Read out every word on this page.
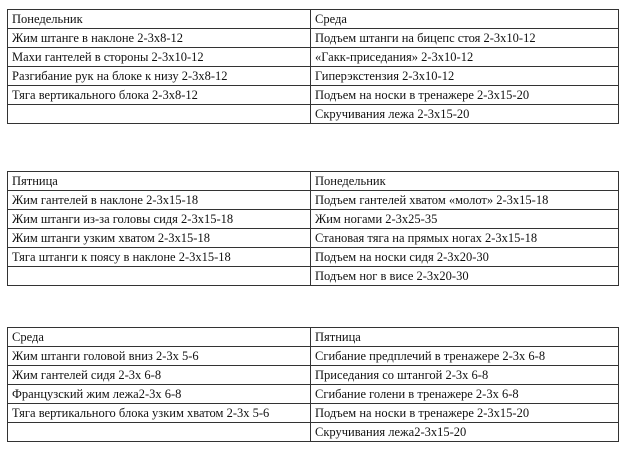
Понедельник	Среда
Жим штанге в наклоне 2-3х8-12	Подъем штанги на бицепс стоя 2-3х10-12
Махи гантелей в стороны 2-3х10-12	«Гакк-приседания» 2-3х10-12
Разгибание рук на блоке к низу 2-3х8-12	Гиперэкстензия 2-3х10-12
Тяга вертикального блока 2-3х8-12	Подъем на носки в тренажере 2-3х15-20
	Скручивания лежа 2-3х15-20
Пятница	Понедельник
Жим гантелей в наклоне 2-3х15-18	Подъем гантелей хватом «молот» 2-3х15-18
Жим штанги из-за головы сидя 2-3х15-18	Жим ногами 2-3х25-35
Жим штанги узким хватом 2-3х15-18	Становая тяга на прямых ногах 2-3х15-18
Тяга штанги к поясу в наклоне 2-3х15-18	Подъем на носки сидя 2-3х20-30
	Подъем ног в висе 2-3х20-30
Среда	Пятница
Жим штанги головой вниз 2-3х 5-6	Сгибание предплечий в тренажере 2-3х 6-8
Жим гантелей сидя 2-3х 6-8	Приседания со штангой 2-3х 6-8
Французский жим лежа2-3х 6-8	Сгибание голени в тренажере 2-3х 6-8
Тяга вертикального блока узким хватом 2-3х 5-6	Подъем на носки в тренажере 2-3х15-20
	Скручивания лежа2-3х15-20
